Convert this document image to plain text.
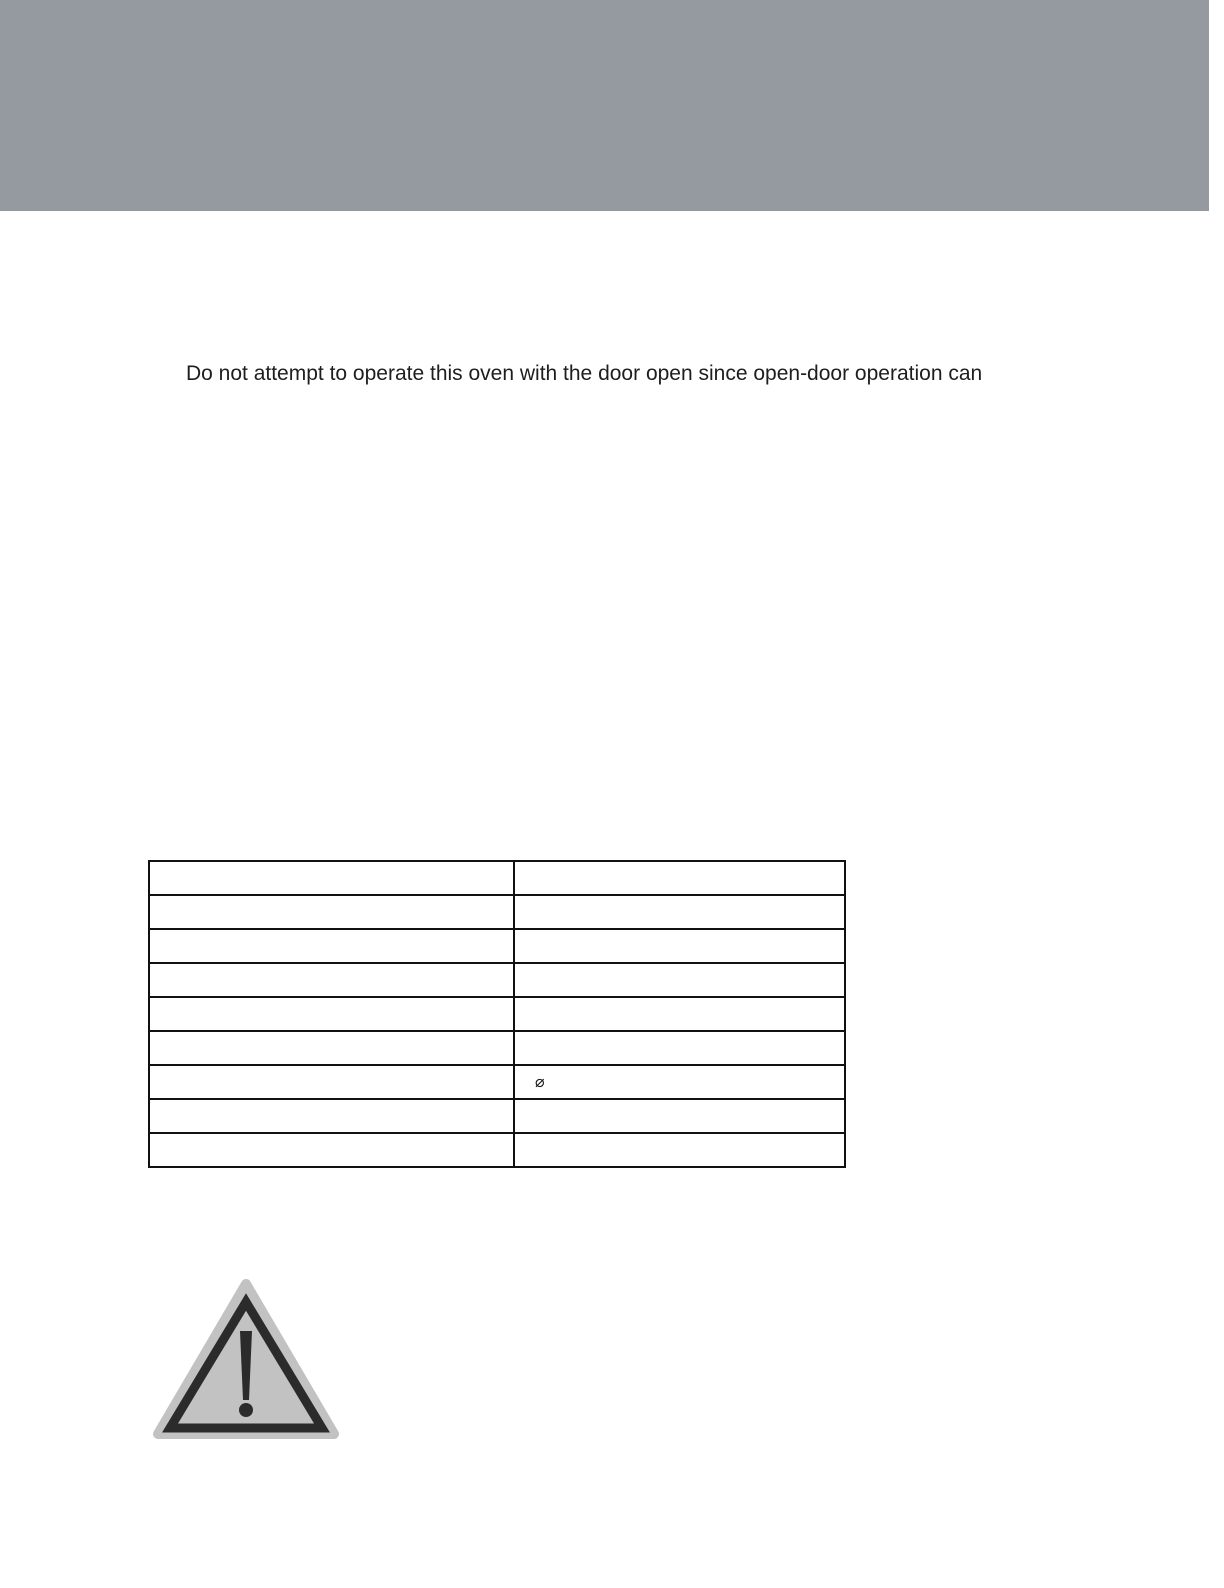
Do not attempt to operate this oven with the door open since open-door operation can

	⌀
